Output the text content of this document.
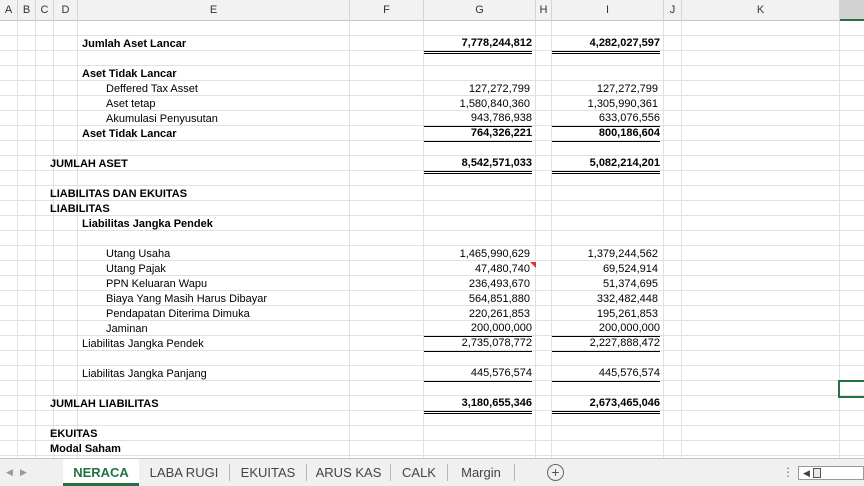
A B C	D	E	F	G	H	I	J	K
Jumlah Aset Lancar	7,778,244,812	4,282,027,597
Aset Tidak Lancar
Deffered Tax Asset	127,272,799	127,272,799
Aset tetap	1,580,840,360	1,305,990,361
Akumulasi Penyusutan	943,786,938	633,076,556
Aset Tidak Lancar	764,326,221	800,186,604
JUMLAH ASET	8,542,571,033	5,082,214,201
LIABILITAS DAN EKUITAS
LIABILITAS
Liabilitas Jangka Pendek
Utang Usaha	1,465,990,629	1,379,244,562
Utang Pajak	47,480,740	69,524,914
PPN Keluaran Wapu	236,493,670	51,374,695
Biaya Yang Masih Harus Dibayar	564,851,880	332,482,448
Pendapatan Diterima Dimuka	220,261,853	195,261,853
Jaminan	200,000,000	200,000,000
Liabilitas Jangka Pendek	2,735,078,772	2,227,888,472
Liabilitas Jangka Panjang	445,576,574	445,576,574
JUMLAH LIABILITAS	3,180,655,346	2,673,465,046
EKUITAS
Modal Saham
◀ ▶	NERACA	LABA RUGI	EKUITAS	ARUS KAS	CALK	Margin	+	⋮ ◀
